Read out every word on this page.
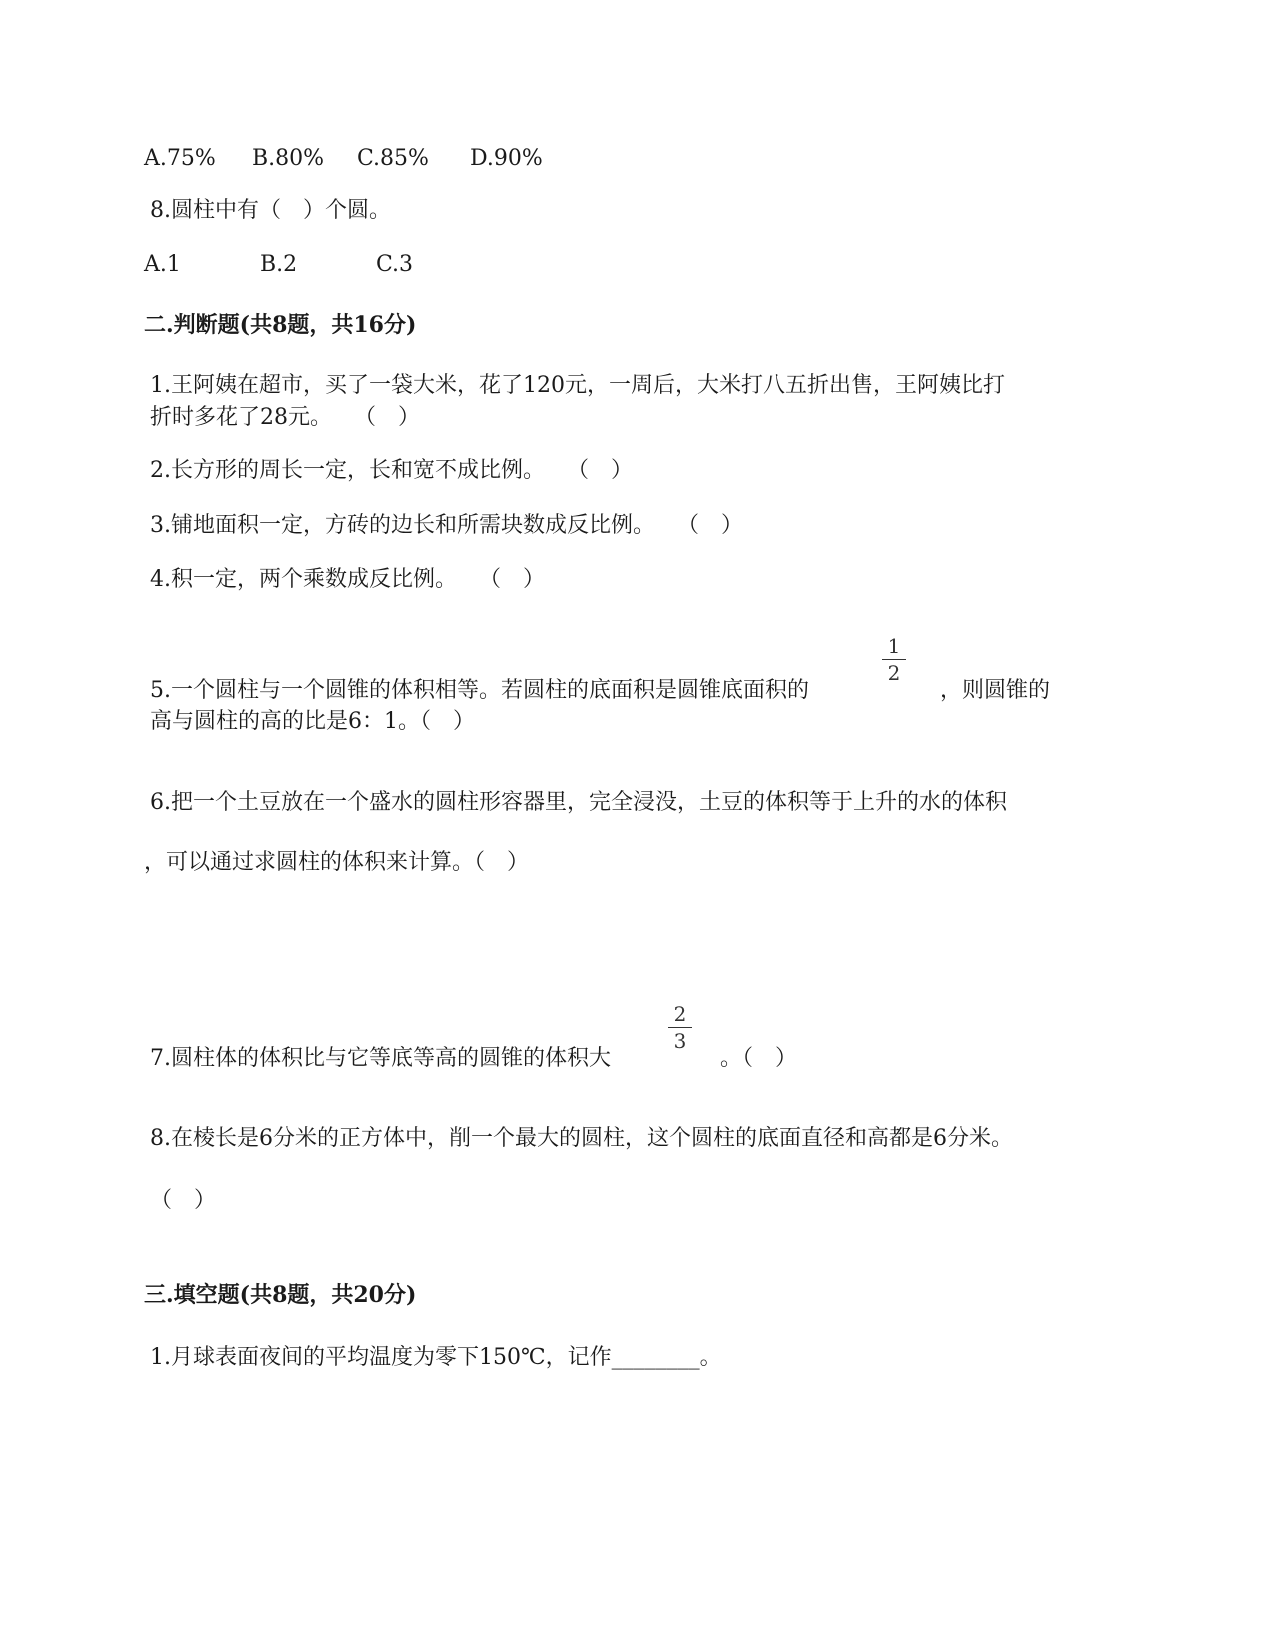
A.75% B.80% C.85% D.90%
8.圆柱中有（　）个圆。
A.1	B.2	C.3
二.判断题(共8题，共16分)
1.王阿姨在超市，买了一袋大米，花了120元，一周后，大米打八五折出售，王阿姨比打
折时多花了28元。　　（　）
2.长方形的周长一定，长和宽不成比例。　　（　）
3.铺地面积一定，方砖的边长和所需块数成反比例。　　（　）
4.积一定，两个乘数成反比例。　　（　）
5.一个圆柱与一个圆锥的体积相等。若圆柱的底面积是圆锥底面积的
$\frac{1}{2}$
，则圆锥的
高与圆柱的高的比是6：1。（　）
6.把一个土豆放在一个盛水的圆柱形容器里，完全浸没，土豆的体积等于上升的水的体积
，可以通过求圆柱的体积来计算。（　）
7.圆柱体的体积比与它等底等高的圆锥的体积大
$\frac{2}{3}$
。（　）
8.在棱长是6分米的正方体中，削一个最大的圆柱，这个圆柱的底面直径和高都是6分米。
（　）
三.填空题(共8题，共20分)
1.月球表面夜间的平均温度为零下150℃，记作________。
